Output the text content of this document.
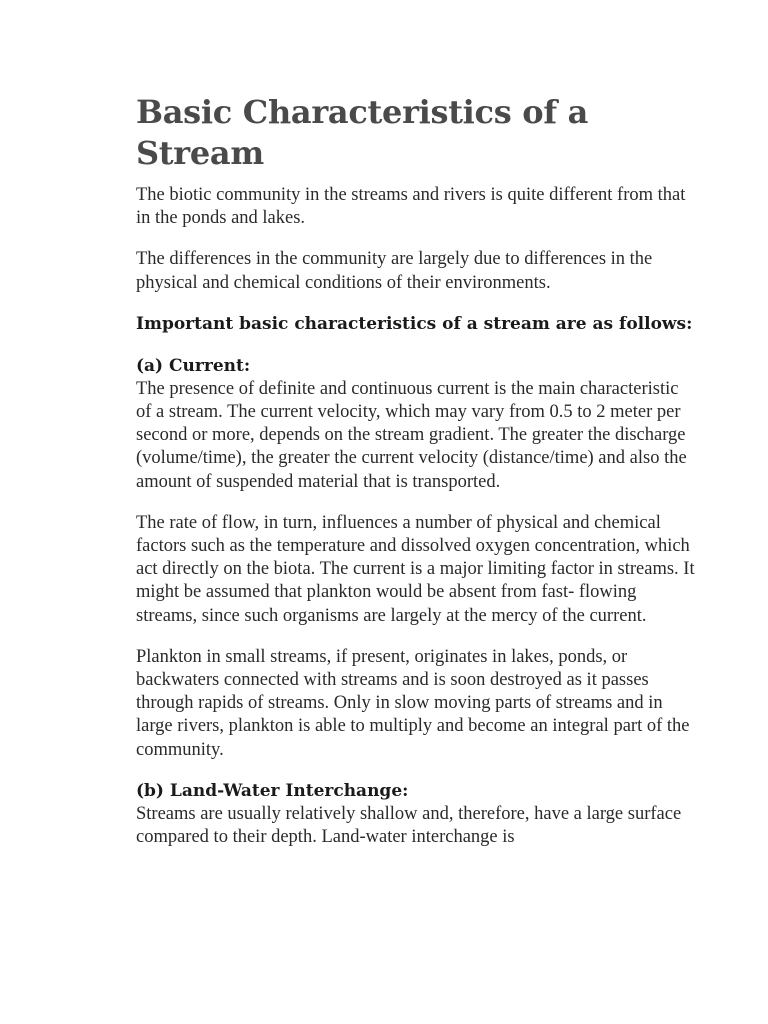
Basic Characteristics of a Stream

The biotic community in the streams and rivers is quite different from that in the ponds and lakes.

The differences in the community are largely due to differences in the physical and chemical conditions of their environments.

Important basic characteristics of a stream are as follows:

(a) Current:

The presence of definite and continuous current is the main characteristic of a stream. The current velocity, which may vary from 0.5 to 2 meter per second or more, depends on the stream gradient. The greater the discharge (volume/time), the greater the current velocity (distance/time) and also the amount of suspended material that is transported.

The rate of flow, in turn, influences a number of physical and chemical factors such as the temperature and dissolved oxygen concentration, which act directly on the biota. The current is a major limiting factor in streams. It might be assumed that plankton would be absent from fast- flowing streams, since such organisms are largely at the mercy of the current.

Plankton in small streams, if present, originates in lakes, ponds, or backwaters connected with streams and is soon destroyed as it passes through rapids of streams. Only in slow moving parts of streams and in large rivers, plankton is able to multiply and become an integral part of the community.

(b) Land-Water Interchange:

Streams are usually relatively shallow and, therefore, have a large surface compared to their depth. Land-water interchange is
